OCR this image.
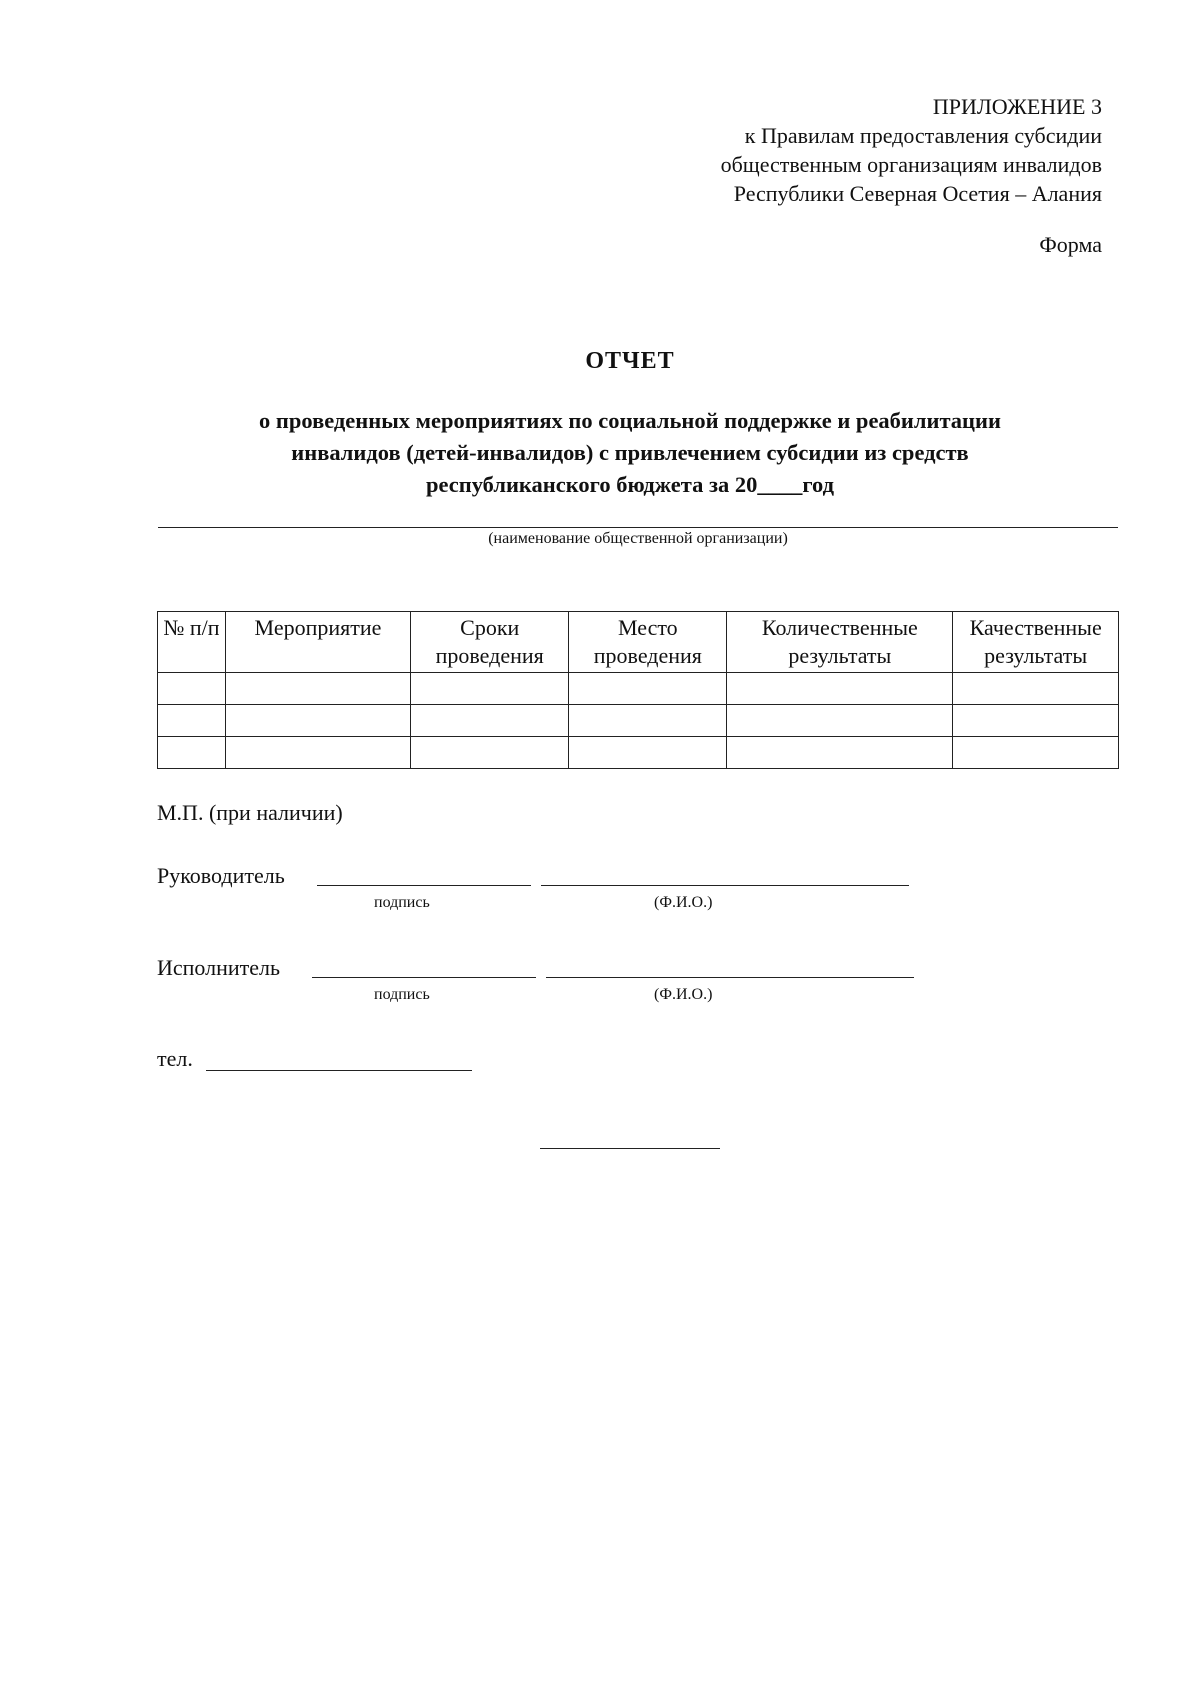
ПРИЛОЖЕНИЕ 3
к Правилам предоставления субсидии
общественным организациям инвалидов
Республики Северная Осетия – Алания
Форма
ОТЧЕТ
о проведенных мероприятиях по социальной поддержке и реабилитации
инвалидов (детей-инвалидов) с привлечением субсидии из средств
республиканского бюджета за 20____год
(наименование общественной организации)
№ п/п	Мероприятие	Сроки проведения	Место проведения	Количественные результаты	Качественные результаты

М.П. (при наличии)
Руководитель
подпись	(Ф.И.О.)
Исполнитель
подпись	(Ф.И.О.)
тел.
